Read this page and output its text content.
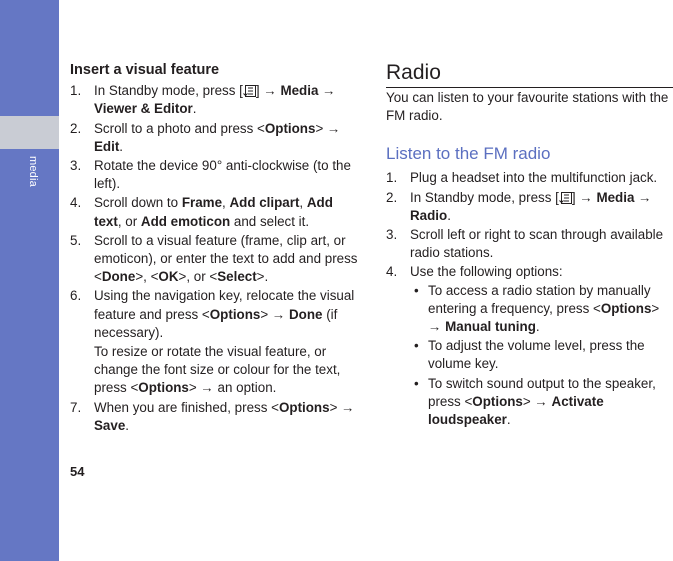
media
Insert a visual feature
1. In Standby mode, press [ ] → Media → Viewer & Editor.
2. Scroll to a photo and press <Options> → Edit.
3. Rotate the device 90° anti-clockwise (to the left).
4. Scroll down to Frame, Add clipart, Add text, or Add emoticon and select it.
5. Scroll to a visual feature (frame, clip art, or emoticon), or enter the text to add and press <Done>, <OK>, or <Select>.
6. Using the navigation key, relocate the visual feature and press <Options> → Done (if necessary).
To resize or rotate the visual feature, or change the font size or colour for the text, press <Options> → an option.
7. When you are finished, press <Options> → Save.
Radio

You can listen to your favourite stations with the FM radio.

Listen to the FM radio
1. Plug a headset into the multifunction jack.
2. In Standby mode, press [ ] → Media → Radio.
3. Scroll left or right to scan through available radio stations.
4. Use the following options:
• To access a radio station by manually entering a frequency, press <Options> → Manual tuning.
• To adjust the volume level, press the volume key.
• To switch sound output to the speaker, press <Options> → Activate loudspeaker.
54
